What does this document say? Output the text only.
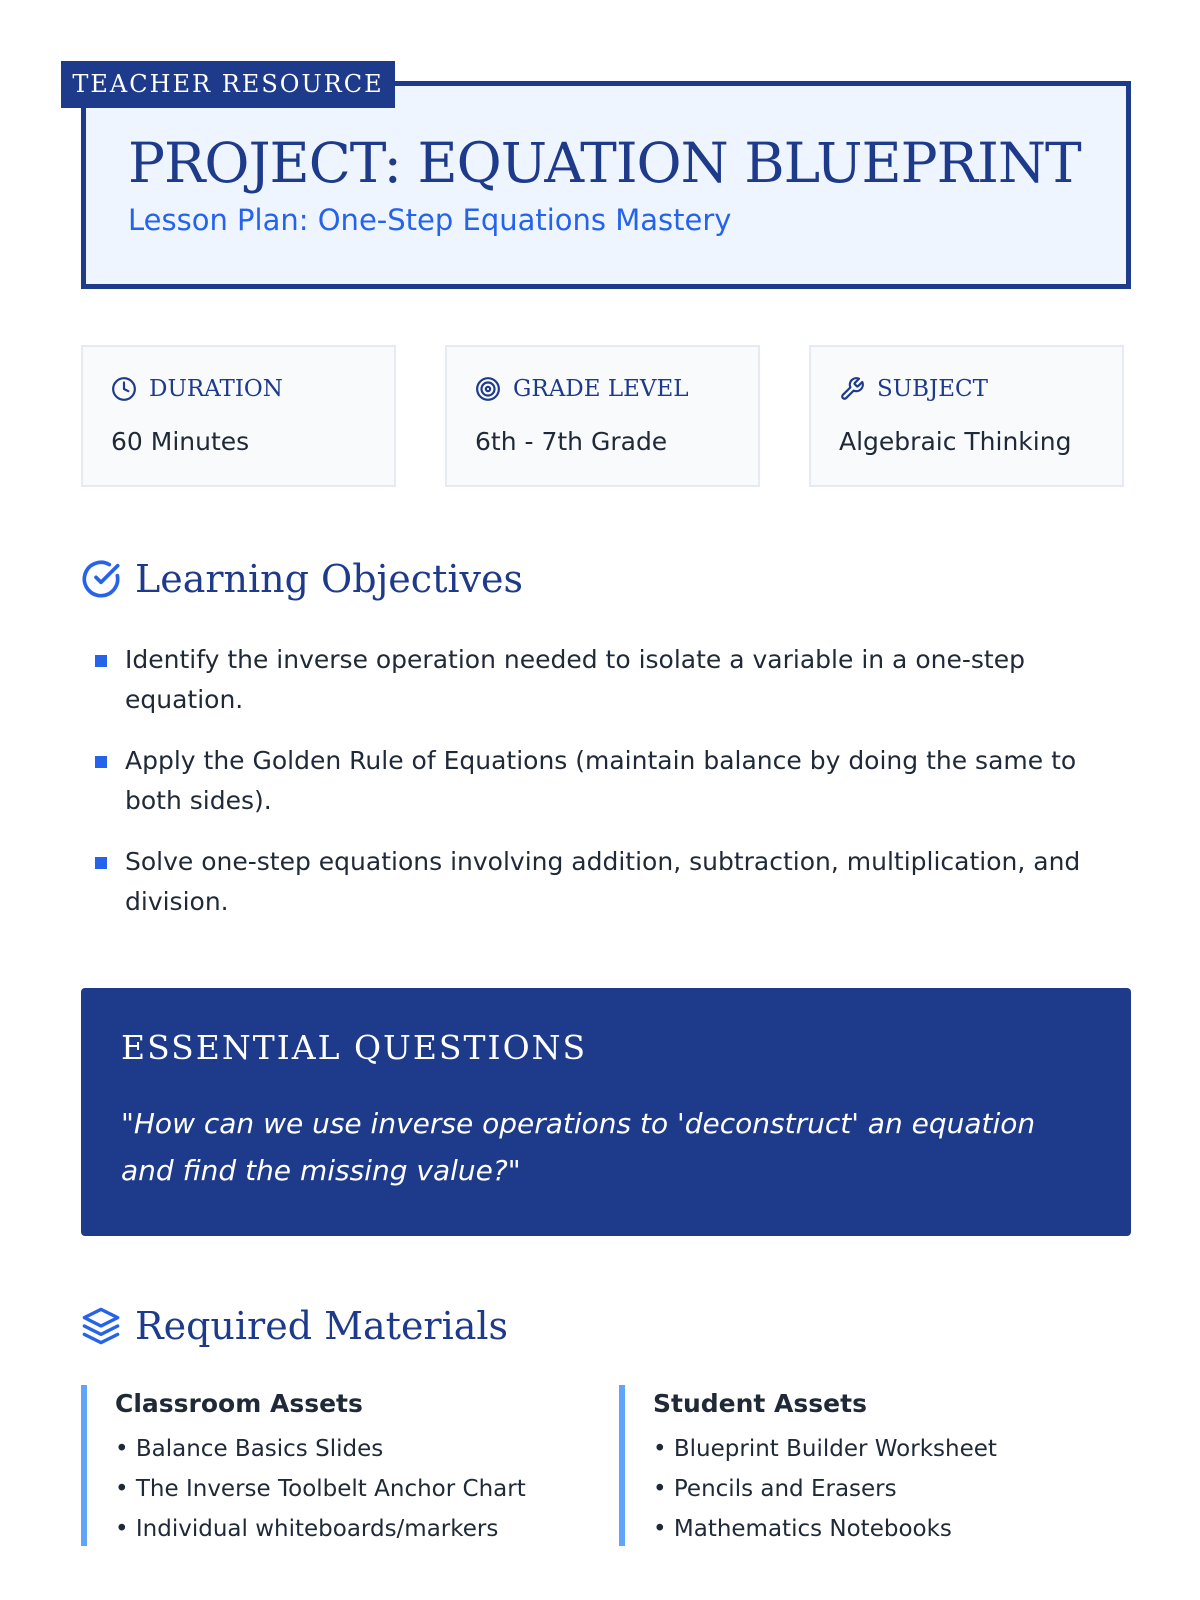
TEACHER RESOURCE
PROJECT: EQUATION BLUEPRINT
Lesson Plan: One-Step Equations Mastery
DURATION
60 Minutes
GRADE LEVEL
6th - 7th Grade
SUBJECT
Algebraic Thinking
Learning Objectives
Identify the inverse operation needed to isolate a variable in a one-step equation.
Apply the Golden Rule of Equations (maintain balance by doing the same to both sides).
Solve one-step equations involving addition, subtraction, multiplication, and division.
ESSENTIAL QUESTIONS
"How can we use inverse operations to 'deconstruct' an equation and find the missing value?"
Required Materials
Classroom Assets
• Balance Basics Slides
• The Inverse Toolbelt Anchor Chart
• Individual whiteboards/markers
Student Assets
• Blueprint Builder Worksheet
• Pencils and Erasers
• Mathematics Notebooks
